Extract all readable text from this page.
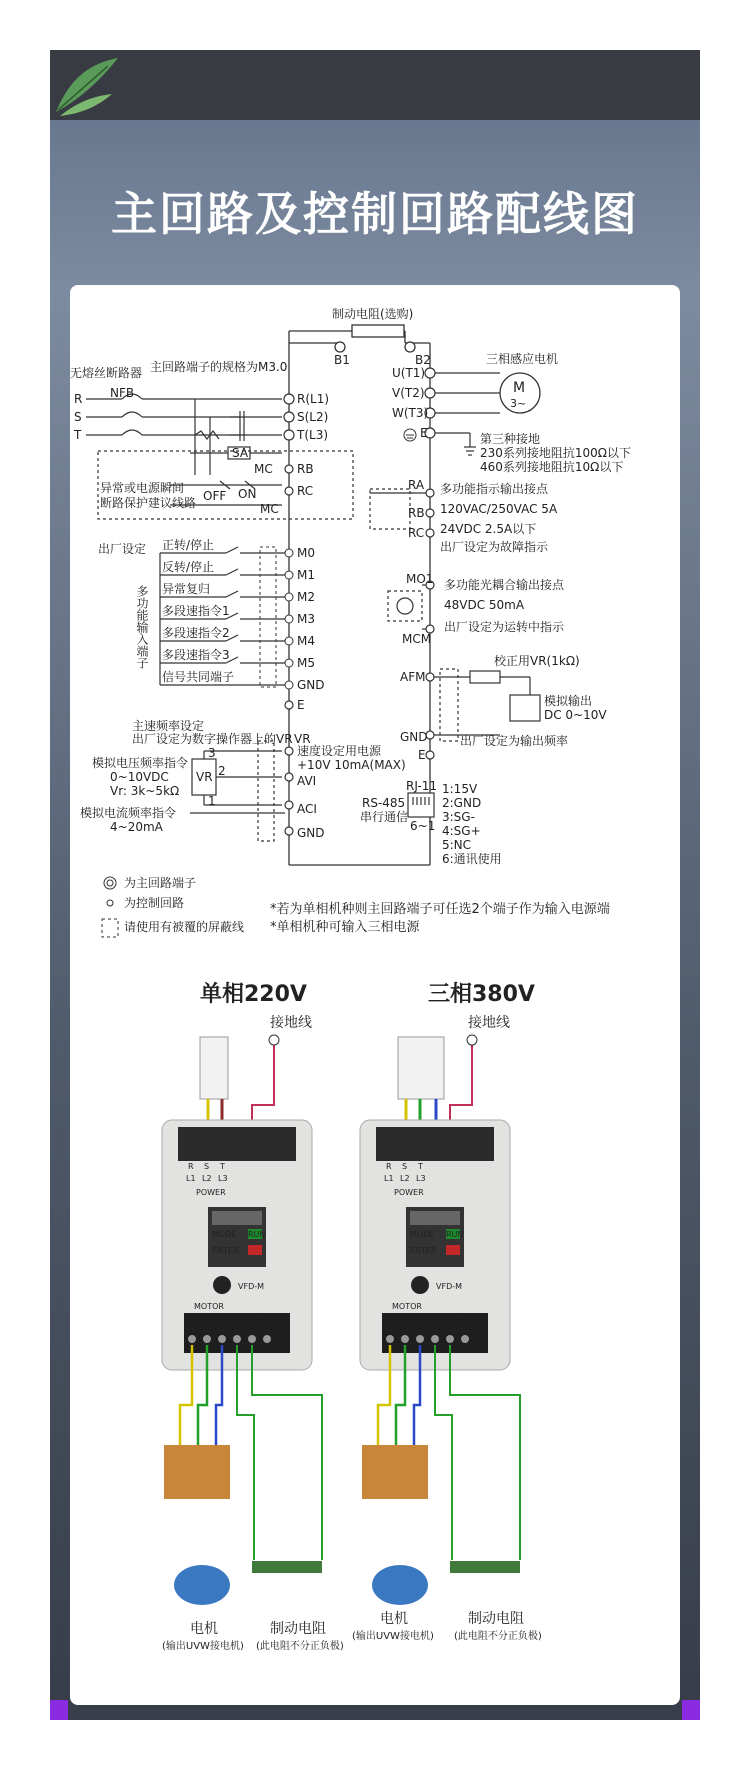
主回路及控制回路配线图
制动电阻(选购)
B1	B2
无熔丝断路器
NFB
主回路端子的规格为M3.0
R
S
T
R(L1)
S(L2)
T(L3)
SA
MC
OFF ON
MC
异常或电源瞬间
断路保护建议线路
RB
RC
U(T1)
V(T2)
W(T3)
E
M
3~
三相感应电机
第三种接地
230系列接地阻抗100Ω以下
460系列接地阻抗10Ω以下
RA
RB
RC
多功能指示输出接点
120VAC/250VAC 5A
24VDC 2.5A以下
出厂设定为故障指示
MO1
MCM
多功能光耦合输出接点
48VDC 50mA
出厂设定为运转中指示
AFM
校正用VR(1kΩ)
模拟输出
DC 0~10V
GND
E
出厂设定为输出频率
RJ-11
6~1
RS-485
串行通信
1:15V
2:GND
3:SG-
4:SG+
5:NC
6:通讯使用
出厂设定
多功能输入端子
正转/停止
M0
反转/停止
M1
异常复归
M2
多段速指令1
M3
多段速指令2
M4
多段速指令3
M5
信号共同端子
GND
E
主速频率设定
出厂设定为数字操作器上的VR VR
模拟电压频率指令
0~10VDC
Vr: 3k~5kΩ
VR
3
2
1
速度设定用电源
+10V 10mA(MAX)
AVI
ACI
GND
模拟电流频率指令
4~20mA
为主回路端子
为控制回路
请使用有被覆的屏蔽线
*若为单相机种则主回路端子可任选2个端子作为输入电源端
*单相机种可输入三相电源
单相220V	三相380V
接地线	接地线
R S T
L1 L2 L3
POWER
VFD-M
MOTOR
U V W Brake
T1 T2 T3 B1 B2
RUN
MODE
ENTER
R S T
L1 L2 L3
POWER
VFD-M
MOTOR
U V W Brake
T1 T2 T3 B1 B2
RUN
MODE
ENTER
电机
(输出UVW接电机)
制动电阻
(此电阻不分正负极)
电机
(输出UVW接电机)
制动电阻
(此电阻不分正负极)
